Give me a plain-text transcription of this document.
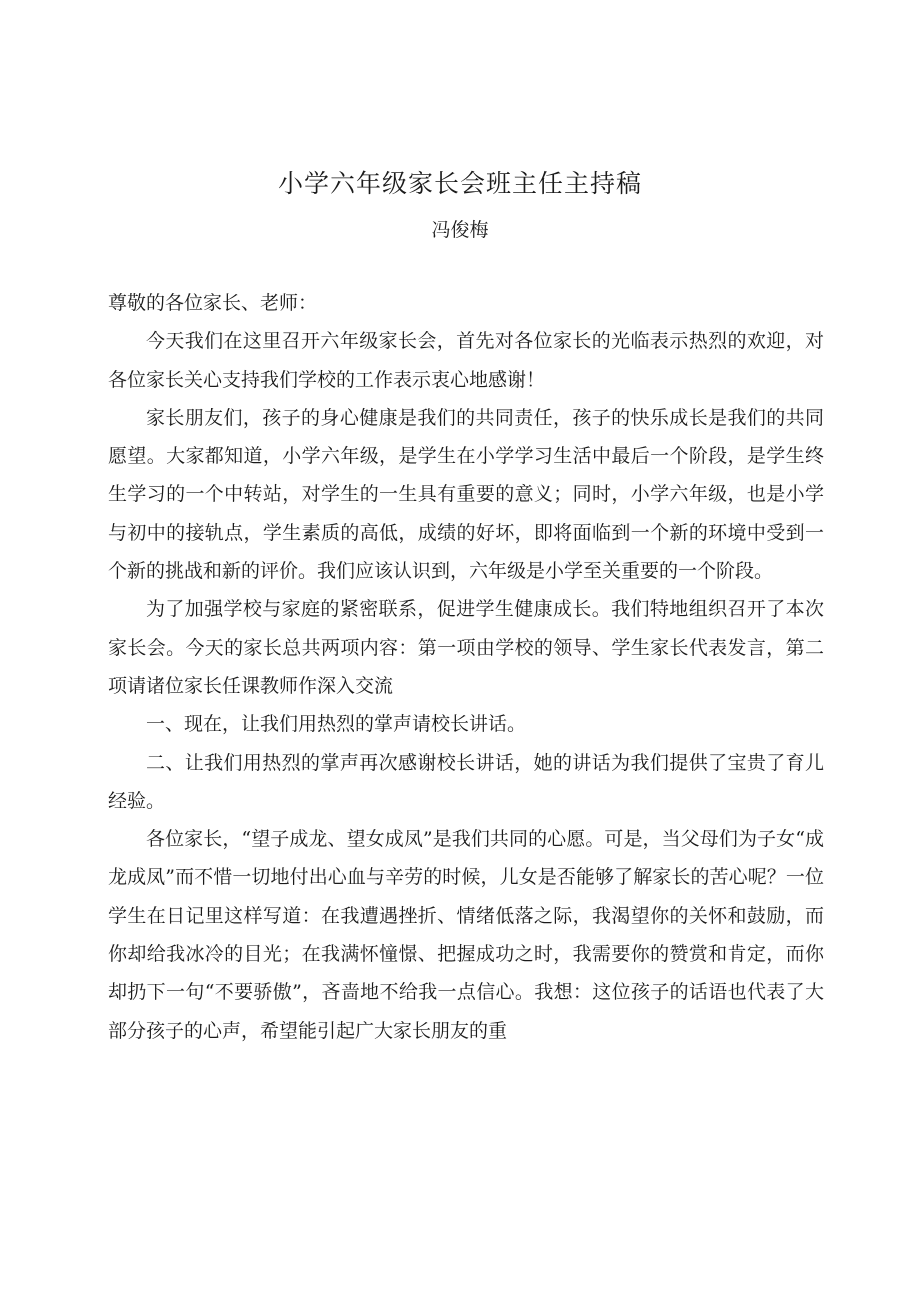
小学六年级家长会班主任主持稿

冯俊梅

尊敬的各位家长、老师：

今天我们在这里召开六年级家长会，首先对各位家长的光临表示热烈的欢迎，对各位家长关心支持我们学校的工作表示衷心地感谢！

家长朋友们，孩子的身心健康是我们的共同责任，孩子的快乐成长是我们的共同愿望。大家都知道，小学六年级，是学生在小学学习生活中最后一个阶段，是学生终生学习的一个中转站，对学生的一生具有重要的意义；同时，小学六年级，也是小学与初中的接轨点，学生素质的高低，成绩的好坏，即将面临到一个新的环境中受到一个新的挑战和新的评价。我们应该认识到，六年级是小学至关重要的一个阶段。

为了加强学校与家庭的紧密联系，促进学生健康成长。我们特地组织召开了本次家长会。今天的家长总共两项内容：第一项由学校的领导、学生家长代表发言，第二项请诸位家长任课教师作深入交流

一、现在，让我们用热烈的掌声请校长讲话。

二、让我们用热烈的掌声再次感谢校长讲话，她的讲话为我们提供了宝贵了育儿经验。

各位家长，“望子成龙、望女成凤”是我们共同的心愿。可是，当父母们为子女“成龙成凤”而不惜一切地付出心血与辛劳的时候，儿女是否能够了解家长的苦心呢？一位学生在日记里这样写道：在我遭遇挫折、情绪低落之际，我渴望你的关怀和鼓励，而你却给我冰冷的目光；在我满怀憧憬、把握成功之时，我需要你的赞赏和肯定，而你却扔下一句“不要骄傲”，吝啬地不给我一点信心。我想：这位孩子的话语也代表了大部分孩子的心声，希望能引起广大家长朋友的重
